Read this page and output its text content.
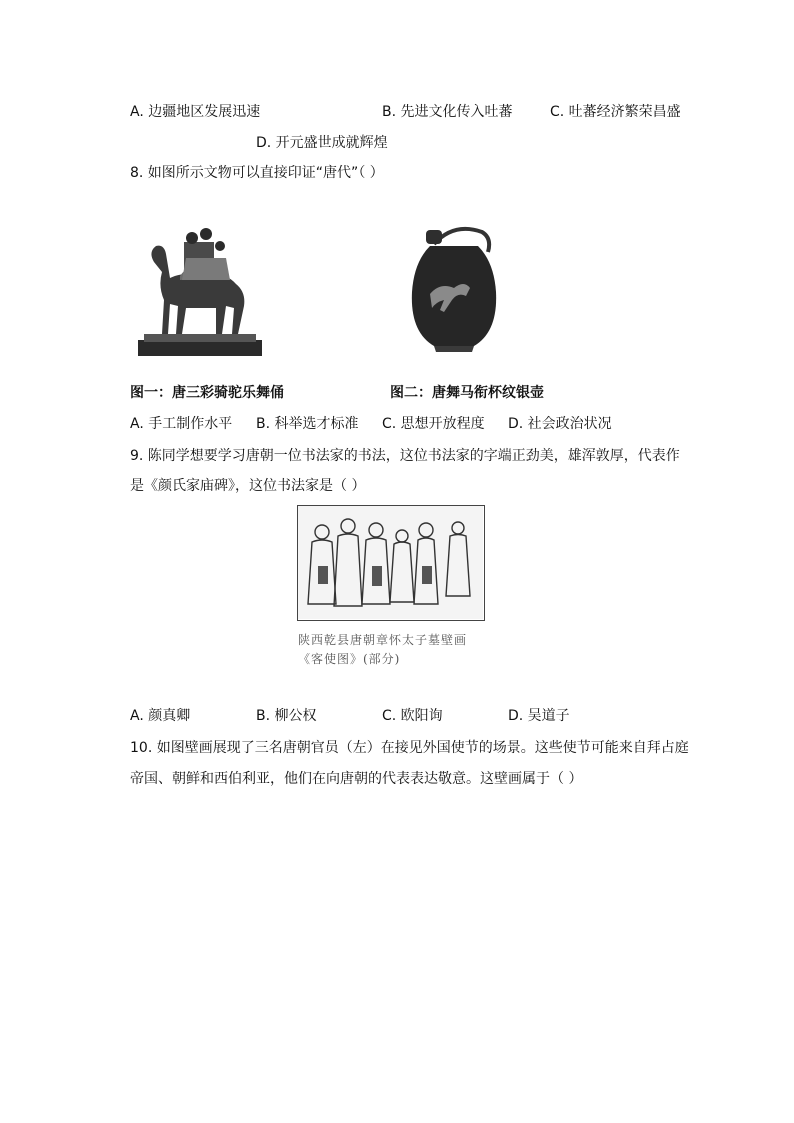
A. 边疆地区发展迅速	B. 先进文化传入吐蕃	C. 吐蕃经济繁荣昌盛
D. 开元盛世成就辉煌
8. 如图所示文物可以直接印证“唐代”（ ）
图一：唐三彩骑驼乐舞俑	图二：唐舞马衔杯纹银壶
A. 手工制作水平 B. 科举选才标准 C. 思想开放程度 D. 社会政治状况
9. 陈同学想要学习唐朝一位书法家的书法，这位书法家的字端正劲美，雄浑敦厚，代表作
是《颜氏家庙碑》，这位书法家是（ ）
陕西乾县唐朝章怀太子墓壁画
《客使图》(部分)
A. 颜真卿	B. 柳公权	C. 欧阳询	D. 吴道子
10. 如图壁画展现了三名唐朝官员（左）在接见外国使节的场景。这些使节可能来自拜占庭
帝国、朝鲜和西伯利亚，他们在向唐朝的代表表达敬意。这壁画属于（ ）
